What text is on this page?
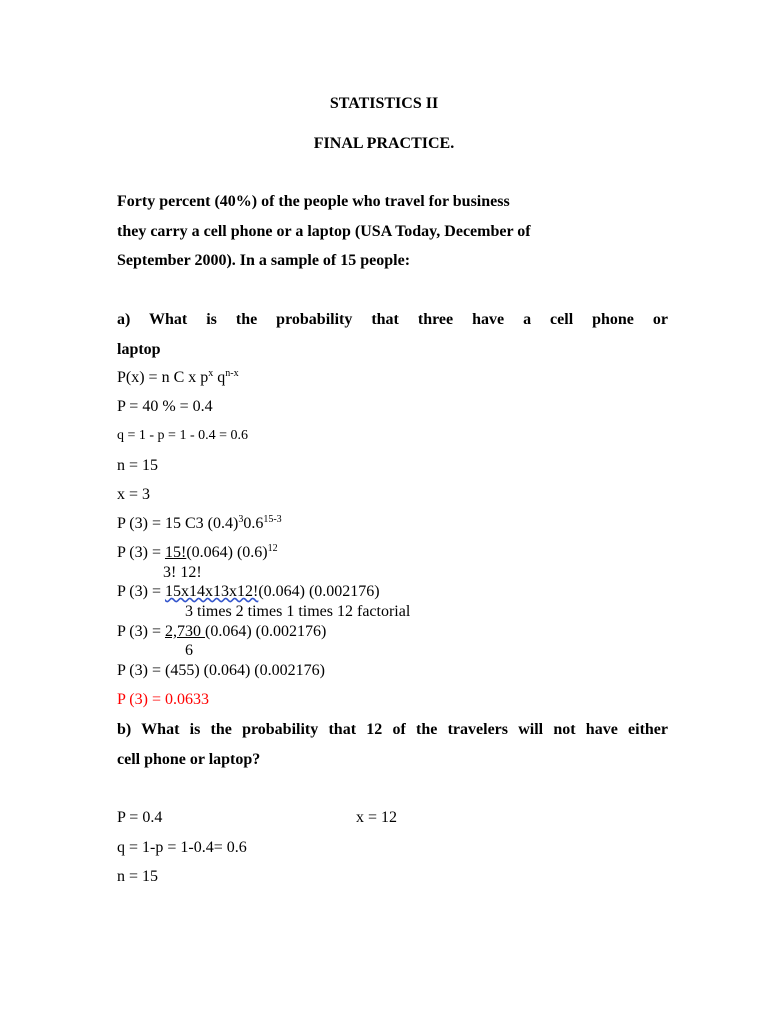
STATISTICS II
FINAL PRACTICE.
Forty percent (40%) of the people who travel for business
they carry a cell phone or a laptop (USA Today, December of
September 2000). In a sample of 15 people:
a) What is the probability that three have a cell phone or
laptop
P(x) = n C x $p^x$ $q^{n-x}$
P = 40 % = 0.4
q = 1 - p = 1 - 0.4 = 0.6
n = 15
x = 3
P (3) = 15 C3 $(0.4)^30.6^{15-3}$
P (3) = 15!(0.064) $(0.6)^{12}$
3! 12!
P (3) = 15x14x13x12!(0.064) (0.002176)
3 times 2 times 1 times 12 factorial
P (3) = 2,730 (0.064) (0.002176)
6
P (3) = (455) (0.064) (0.002176)
P (3) = 0.0633
b) What is the probability that 12 of the travelers will not have either
cell phone or laptop?
P = 0.4	x = 12
q = 1-p = 1-0.4= 0.6
n = 15
